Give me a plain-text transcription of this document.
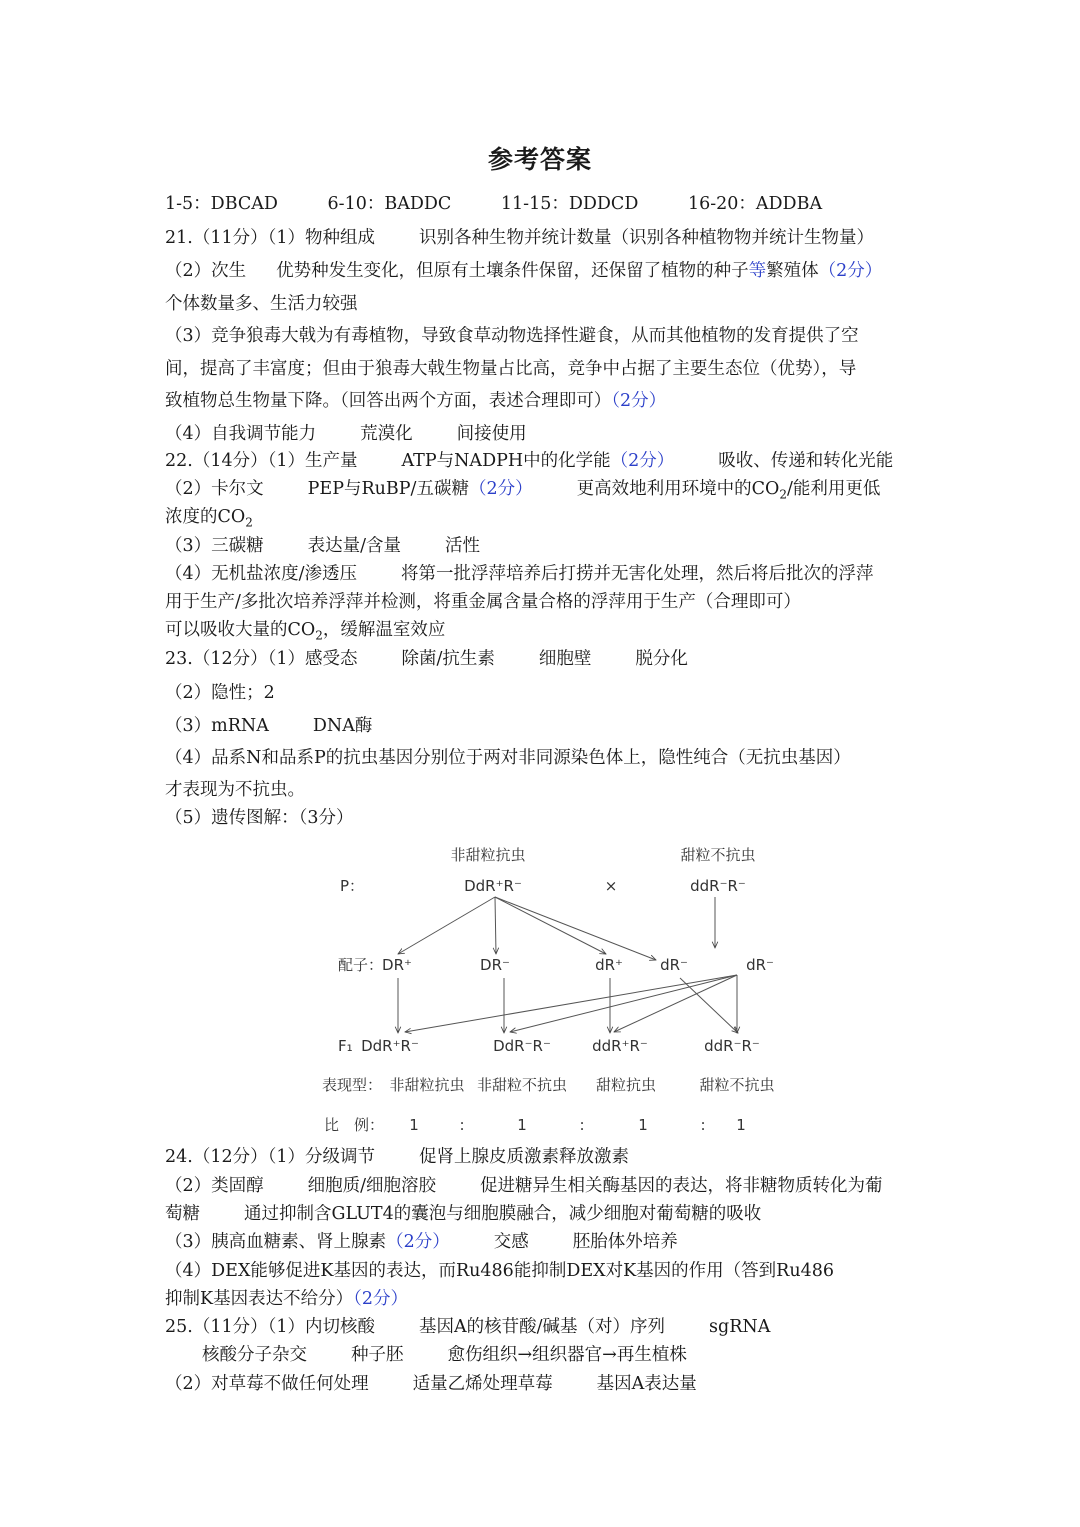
参考答案
1-5：DBCAD	6-10：BADDC	11-15：DDDCD	16-20：ADDBA
21.（11分）（1）物种组成	识别各种生物并统计数量（识别各种植物物并统计生物量）
（2）次生 优势种发生变化，但原有土壤条件保留，还保留了植物的种子等繁殖体（2分）
个体数量多、生活力较强
（3）竞争狼毒大戟为有毒植物，导致食草动物选择性避食，从而其他植物的发育提供了空
间，提高了丰富度；但由于狼毒大戟生物量占比高，竞争中占据了主要生态位（优势），导
致植物总生物量下降。（回答出两个方面，表述合理即可）（2分）
（4）自我调节能力	荒漠化	间接使用
22.（14分）（1）生产量	ATP与NADPH中的化学能（2分）	吸收、传递和转化光能
（2）卡尔文	PEP与RuBP/五碳糖（2分）	更高效地利用环境中的$CO_2/$能利用更低
浓度的$CO_2$
（3）三碳糖	表达量/含量	活性
（4）无机盐浓度/渗透压	将第一批浮萍培养后打捞并无害化处理，然后将后批次的浮萍
用于生产/多批次培养浮萍并检测，将重金属含量合格的浮萍用于生产（合理即可）
可以吸收大量的$CO_2$，缓解温室效应
23.（12分）（1）感受态	除菌/抗生素	细胞壁	脱分化
（2）隐性；2
（3）mRNA	DNA酶
（4）品系N和品系P的抗虫基因分别位于两对非同源染色体上，隐性纯合（无抗虫基因）
才表现为不抗虫。
（5）遗传图解：（3分）
非甜粒抗虫	甜粒不抗虫
P：	DdR⁺R⁻	×	ddR⁻R⁻
配子： DR⁺	DR⁻	dR⁺ dR⁻	dR⁻
F₁ DdR⁺R⁻	DdR⁻R⁻	ddR⁺R⁻	ddR⁻R⁻
表现型： 非甜粒抗虫 非甜粒不抗虫 甜粒抗虫	甜粒不抗虫
比　例： 1	:	1	:	1	: 1
24.（12分）（1）分级调节	促肾上腺皮质激素释放激素
（2）类固醇	细胞质/细胞溶胶	促进糖异生相关酶基因的表达，将非糖物质转化为葡
萄糖	通过抑制含GLUT4的囊泡与细胞膜融合，减少细胞对葡萄糖的吸收
（3）胰高血糖素、肾上腺素（2分）	交感	胚胎体外培养
（4）DEX能够促进K基因的表达，而Ru486能抑制DEX对K基因的作用（答到Ru486
抑制K基因表达不给分）（2分）
25.（11分）（1）内切核酸	基因A的核苷酸/碱基（对）序列	sgRNA
核酸分子杂交	种子胚	愈伤组织→组织器官→再生植株
（2）对草莓不做任何处理	适量乙烯处理草莓	基因A表达量
